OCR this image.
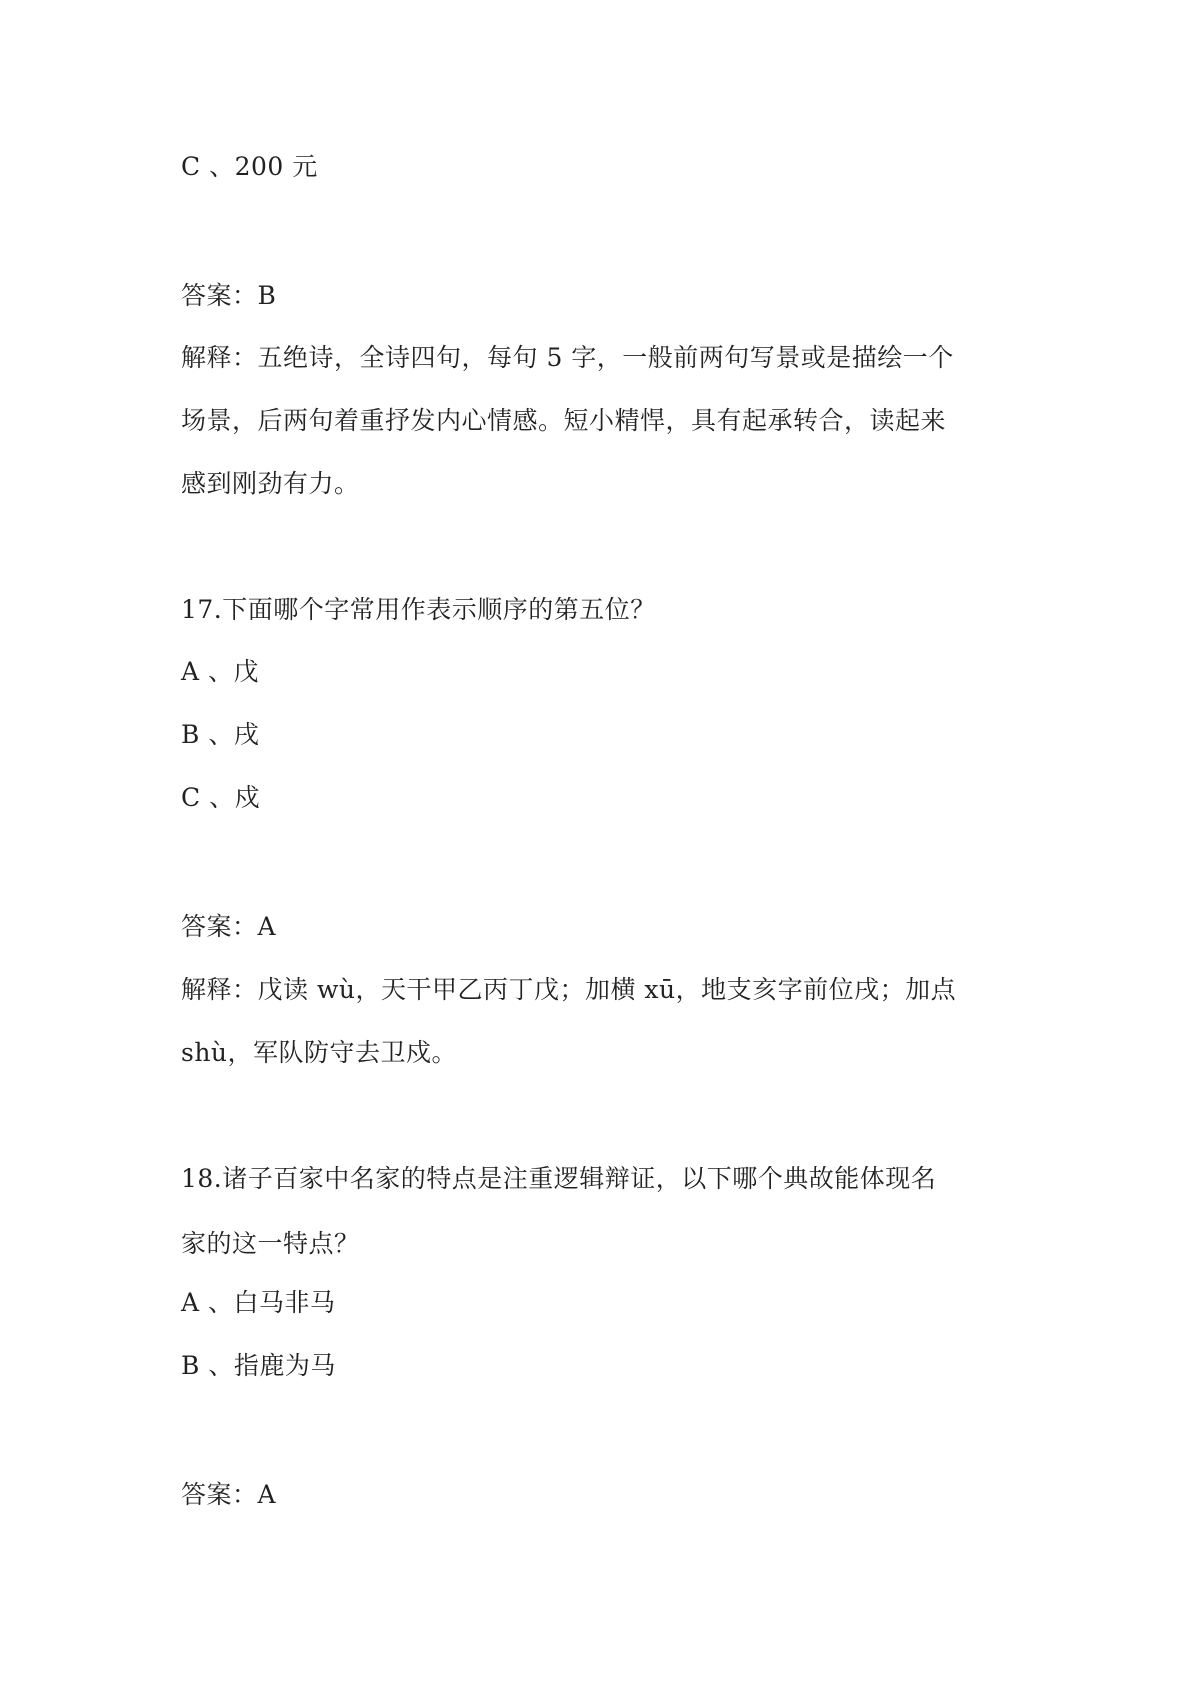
C 、200 元
答案：B
解释：五绝诗，全诗四句，每句 5 字，一般前两句写景或是描绘一个
场景，后两句着重抒发内心情感。短小精悍，具有起承转合，读起来
感到刚劲有力。
17.下面哪个字常用作表示顺序的第五位？
A 、戊
B 、戌
C 、戍
答案：A
解释：戊读 wù，天干甲乙丙丁戊；加横 xū，地支亥字前位戌；加点
shù，军队防守去卫戍。
18.诸子百家中名家的特点是注重逻辑辩证，以下哪个典故能体现名
家的这一特点？
A 、白马非马
B 、指鹿为马
答案：A
